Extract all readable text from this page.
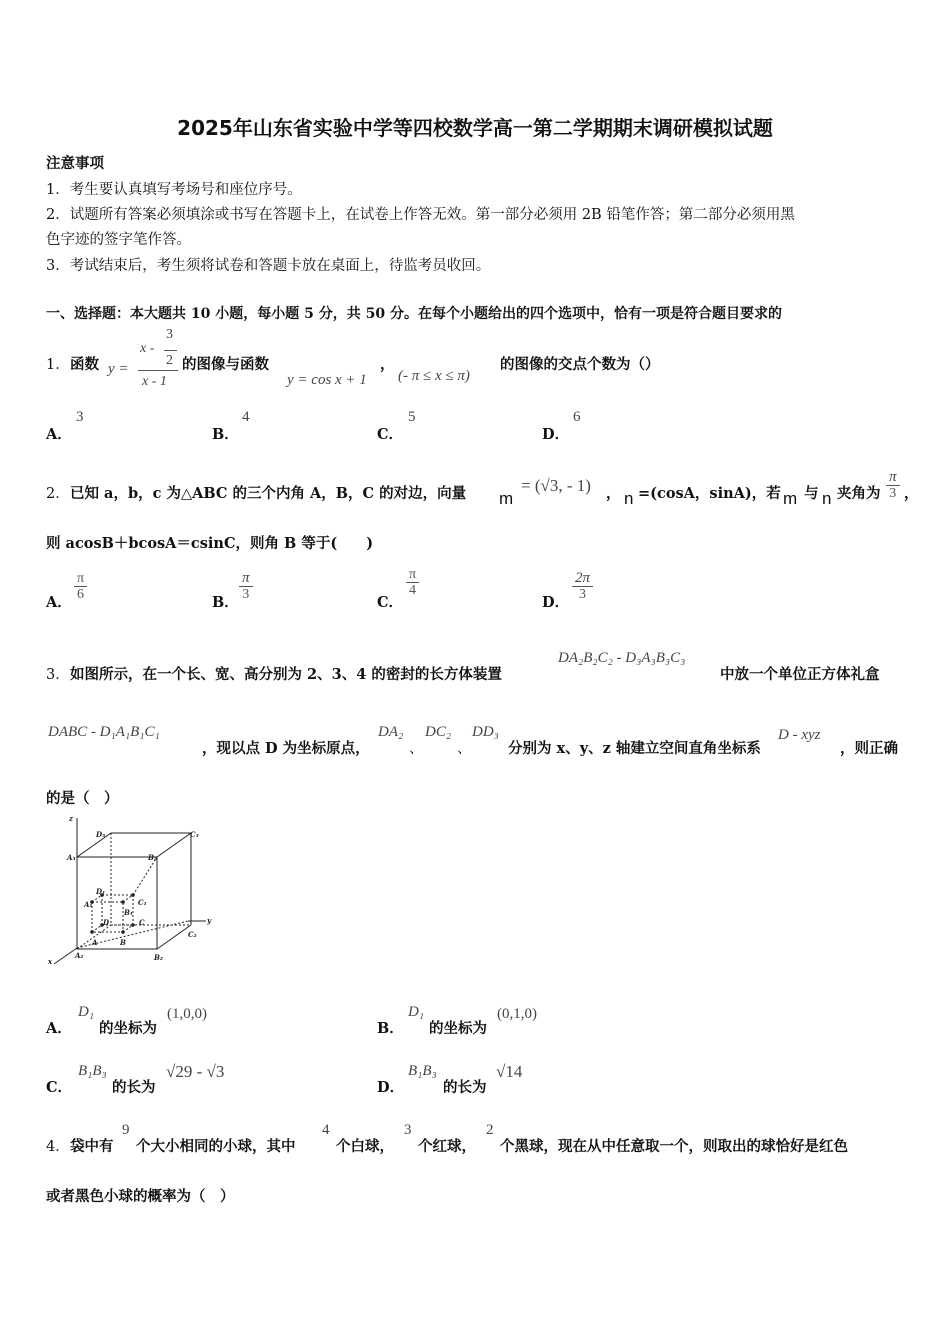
2025年山东省实验中学等四校数学高一第二学期期末调研模拟试题
注意事项
1．考生要认真填写考场号和座位序号。
2．试题所有答案必须填涂或书写在答题卡上，在试卷上作答无效。第一部分必须用 2B 铅笔作答；第二部分必须用黑
色字迹的签字笔作答。
3．考试结束后，考生须将试卷和答题卡放在桌面上，待监考员收回。
一、选择题：本大题共 10 小题，每小题 5 分，共 50 分。在每个小题给出的四个选项中，恰有一项是符合题目要求的
1． 函数 y =
x -
3
2
x - 1
的图像与函数
y = cos x + 1
，
(- π ≤ x ≤ π)
的图像的交点个数为（）
A．
3
B．
4
C．
5
D．
6
2． 已知 a，b，c 为△ABC 的三个内角 A，B，C 的对边，向量 m
= (√3, - 1) ， n =(cosA，sinA)，若 m 与 n 夹角为 $\frac{\pi}{3}$ ，
则 acosB＋bcosA＝csinC，则角 B 等于(　　)
A．
$\frac{\pi}{6}$
B．
$\frac{\pi}{3}$
C．
$\frac{\pi}{4}$
D．
$\frac{2\pi}{3}$
3． 如图所示，在一个长、宽、高分别为 2、3、4 的密封的长方体装置
DA₂B₂C₂ - D₃A₃B₃C₃
中放一个单位正方体礼盒
DABC - D₁A₁B₁C₁
，现以点 D 为坐标原点，
DA₂
、
DC₂
、
DD₃
分别为 x、y、z 轴建立空间直角坐标系
D - xyz
，则正确
的是（　）
z
D₃	C₃
A₃	B₃
D₁
C₁
A₁
B₁
D	C
A	B
y
C₂
x
A₂	B₂
A．
D₁
的坐标为
(1,0,0)
B．
D₁
的坐标为
(0,1,0)
C．
B₁B₃
的长为
√29 - √3
D．
B₁B₃
的长为
√14
4． 袋中有
9
个大小相同的小球，其中
4
个白球，
3
个红球，
2
个黑球，现在从中任意取一个，则取出的球恰好是红色
或者黑色小球的概率为（　）
